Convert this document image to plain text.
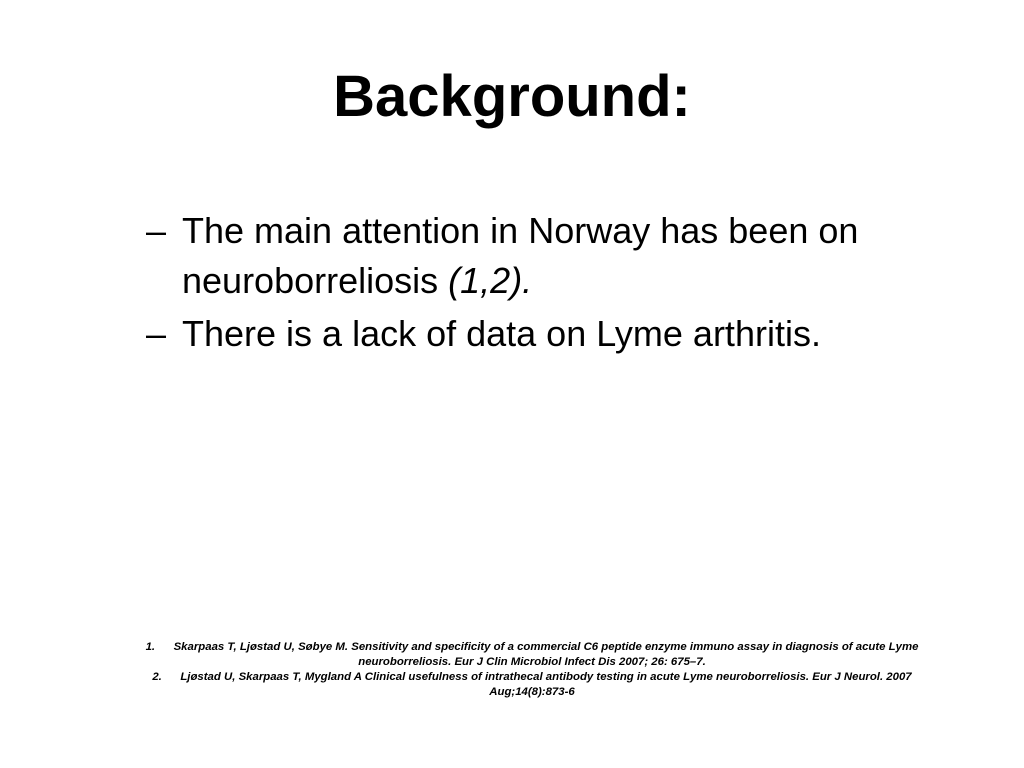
Background:
– The main attention in Norway has been on neuroborreliosis (1,2).
– There is a lack of data on Lyme arthritis.
1. Skarpaas T, Ljøstad U, Søbye M. Sensitivity and specificity of a commercial C6 peptide enzyme immuno assay in diagnosis of acute Lyme neuroborreliosis. Eur J Clin Microbiol Infect Dis 2007; 26: 675–7.
2. Ljøstad U, Skarpaas T, Mygland A Clinical usefulness of intrathecal antibody testing in acute Lyme neuroborreliosis. Eur J Neurol. 2007 Aug;14(8):873-6
